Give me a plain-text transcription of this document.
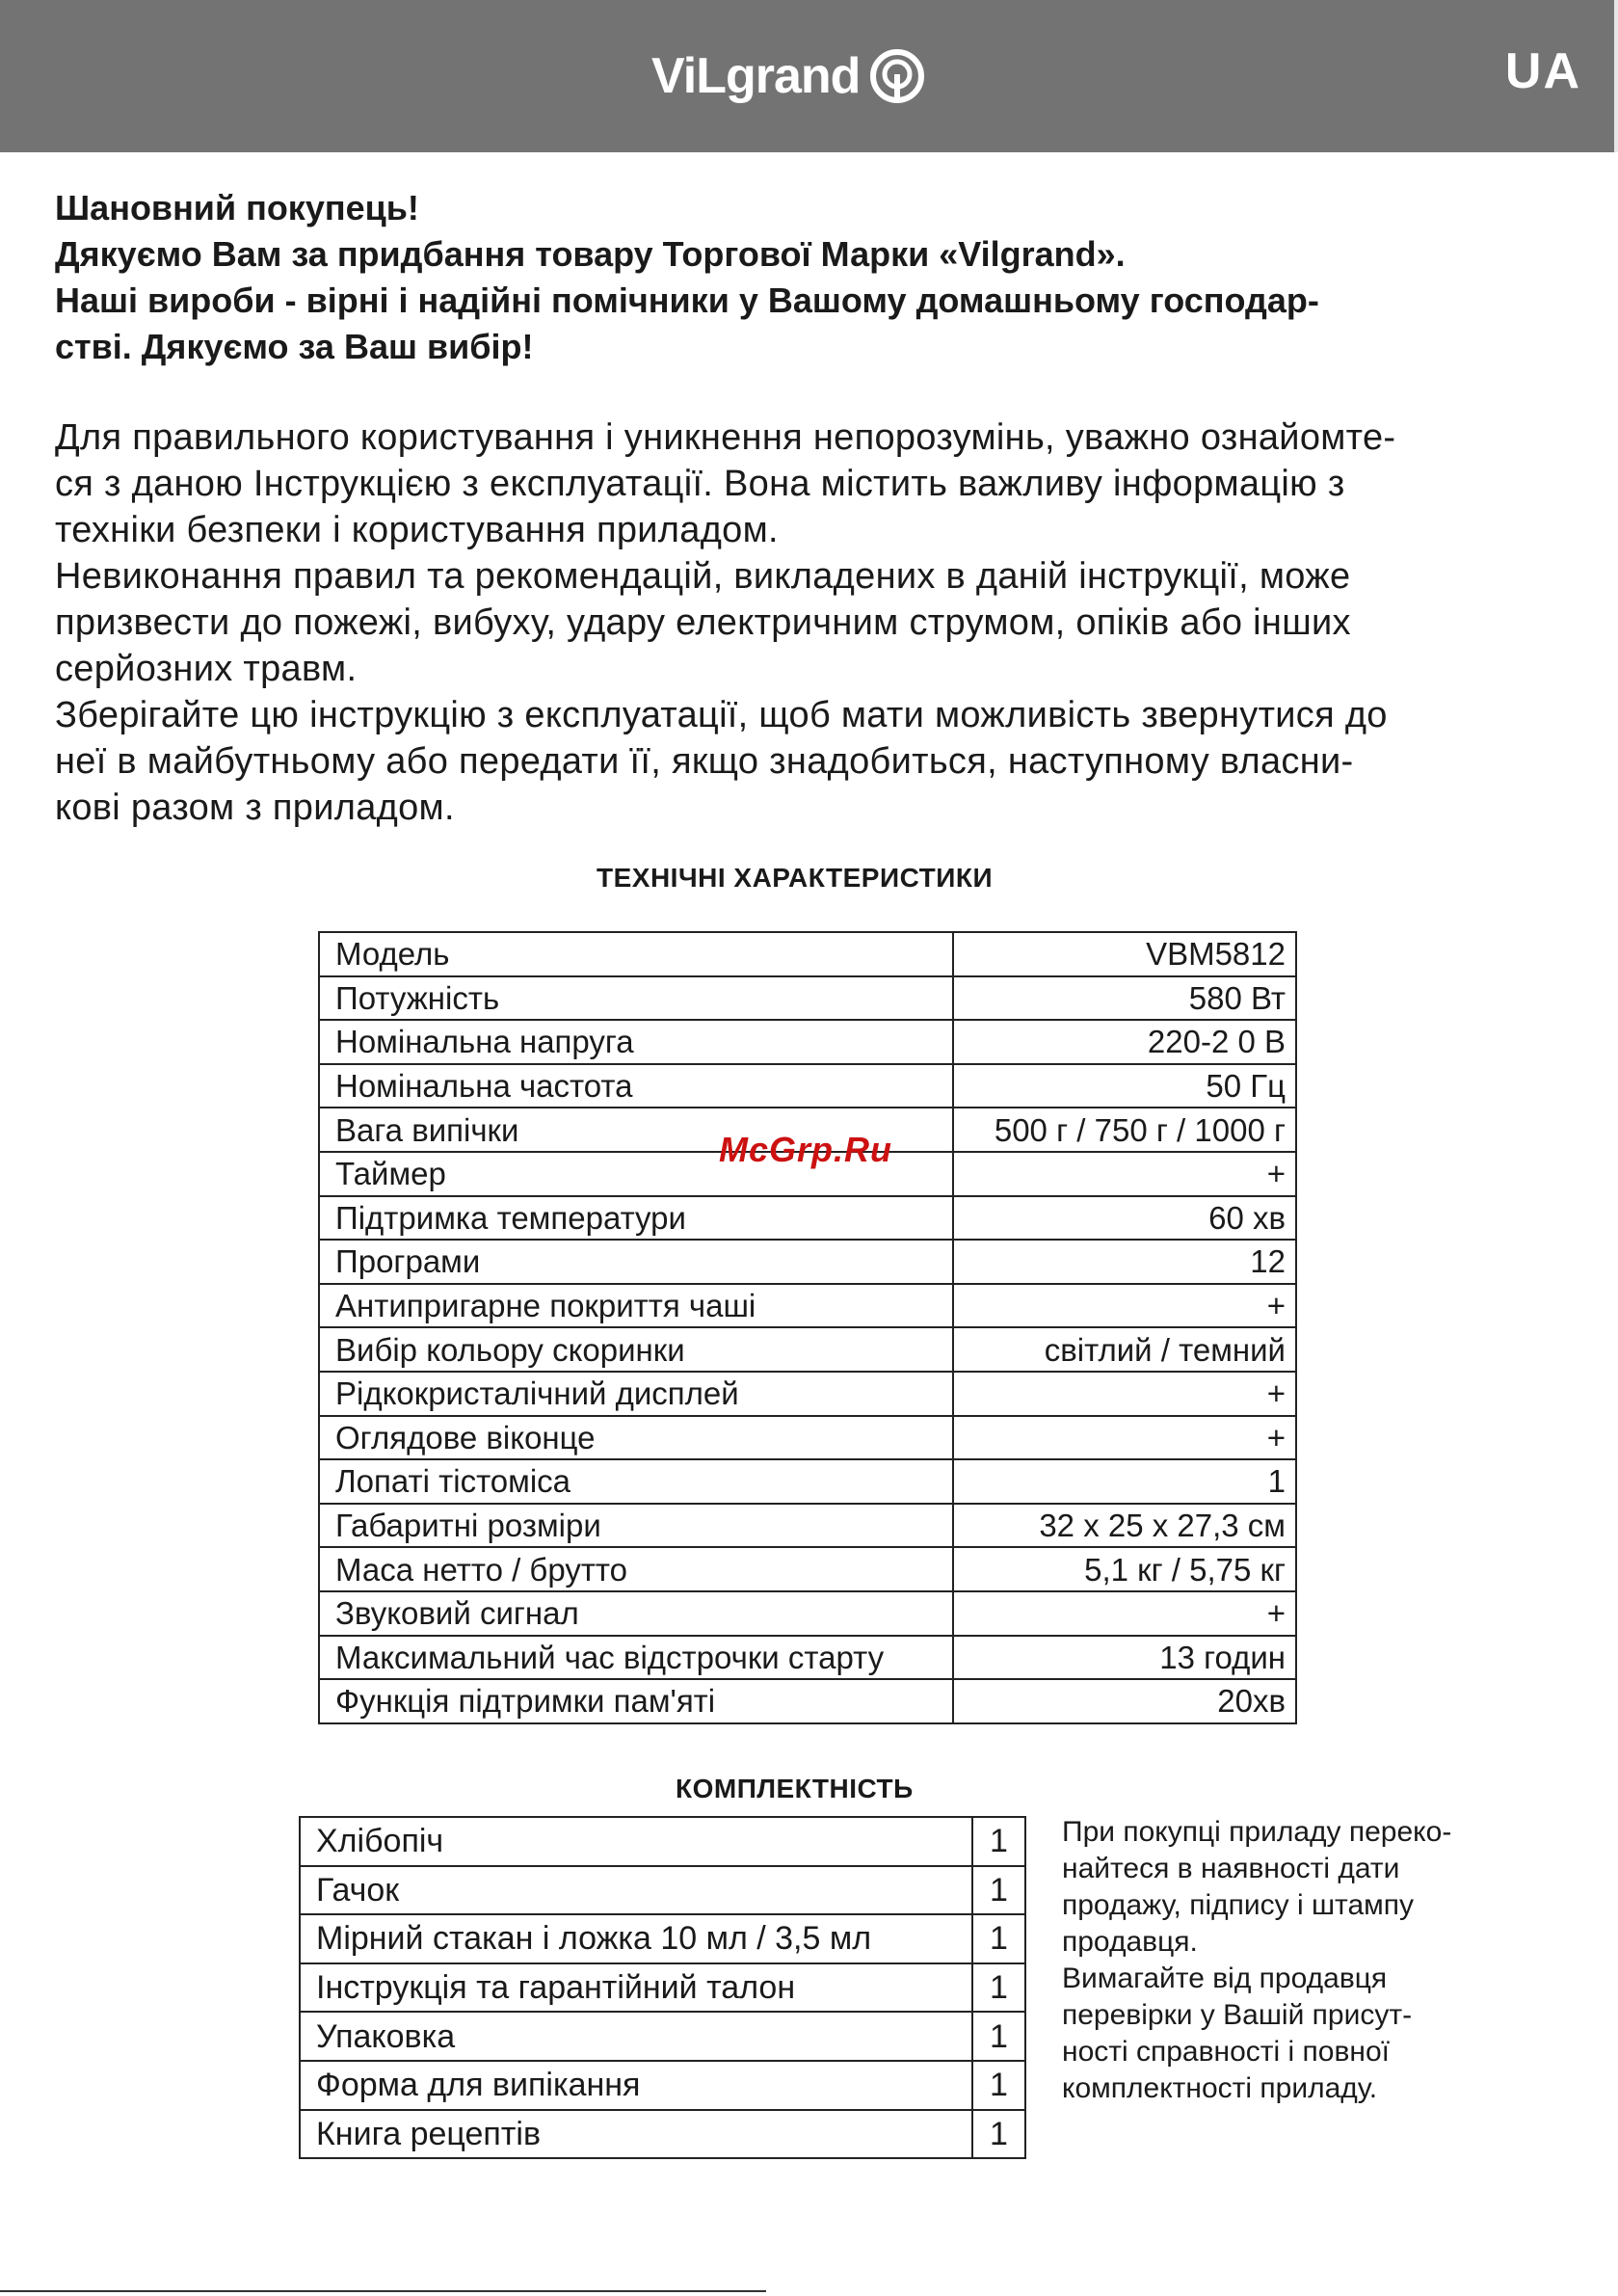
ViLgrand	UA

Шановний покупець!

Дякуємо Вам за придбання товару Торгової Марки «Vilgrand».

Наші вироби - вірні і надійні помічники у Вашому домашньому господар-

стві. Дякуємо за Ваш вибір!

Для правильного користування і уникнення непорозумінь, уважно ознайомте-

ся з даною Інструкцією з експлуатації. Вона містить важливу інформацію з

техніки безпеки і користування приладом.

Невиконання правил та рекомендацій, викладених в даній інструкції, може

призвести до пожежі, вибуху, удару електричним струмом, опіків або інших

серйозних травм.

Зберігайте цю інструкцію з експлуатації, щоб мати можливість звернутися до

неї в майбутньому або передати її, якщо знадобиться, наступному власни-

кові разом з приладом.

ТЕХНІЧНІ ХАРАКТЕРИСТИКИ
Модель	VBM5812
Потужність	580 Вт
Номінальна напруга	220-2 0 В
Номінальна частота	50 Гц
Вага випічки	500 г / 750 г / 1000 г
Таймер	+
Підтримка температури	60 хв
Програми	12
Антипригарне покриття чаші	+
Вибір кольору скоринки	світлий / темний
Рідкокристалічний дисплей	+
Оглядове віконце	+
Лопаті тістоміса	1
Габаритні розміри	32 x 25 x 27,3 см
Маса нетто / брутто	5,1 кг / 5,75 кг
Звуковий сигнал	+
Максимальний час відстрочки старту	13 годин
Функція підтримки пам'яті	20хв
McGrp.Ru
КОМПЛЕКТНІСТЬ
Хлібопіч	1
Гачок	1
Мірний стакан і ложка 10 мл / 3,5 мл	1
Інструкція та гарантійний талон	1
Упаковка	1
Форма для випікання	1
Книга рецептів	1

При покупці приладу переко-

найтеся в наявності дати

продажу, підпису і штампу

продавця.

Вимагайте від продавця

перевірки у Вашій присут-

ності справності і повної

комплектності приладу.
